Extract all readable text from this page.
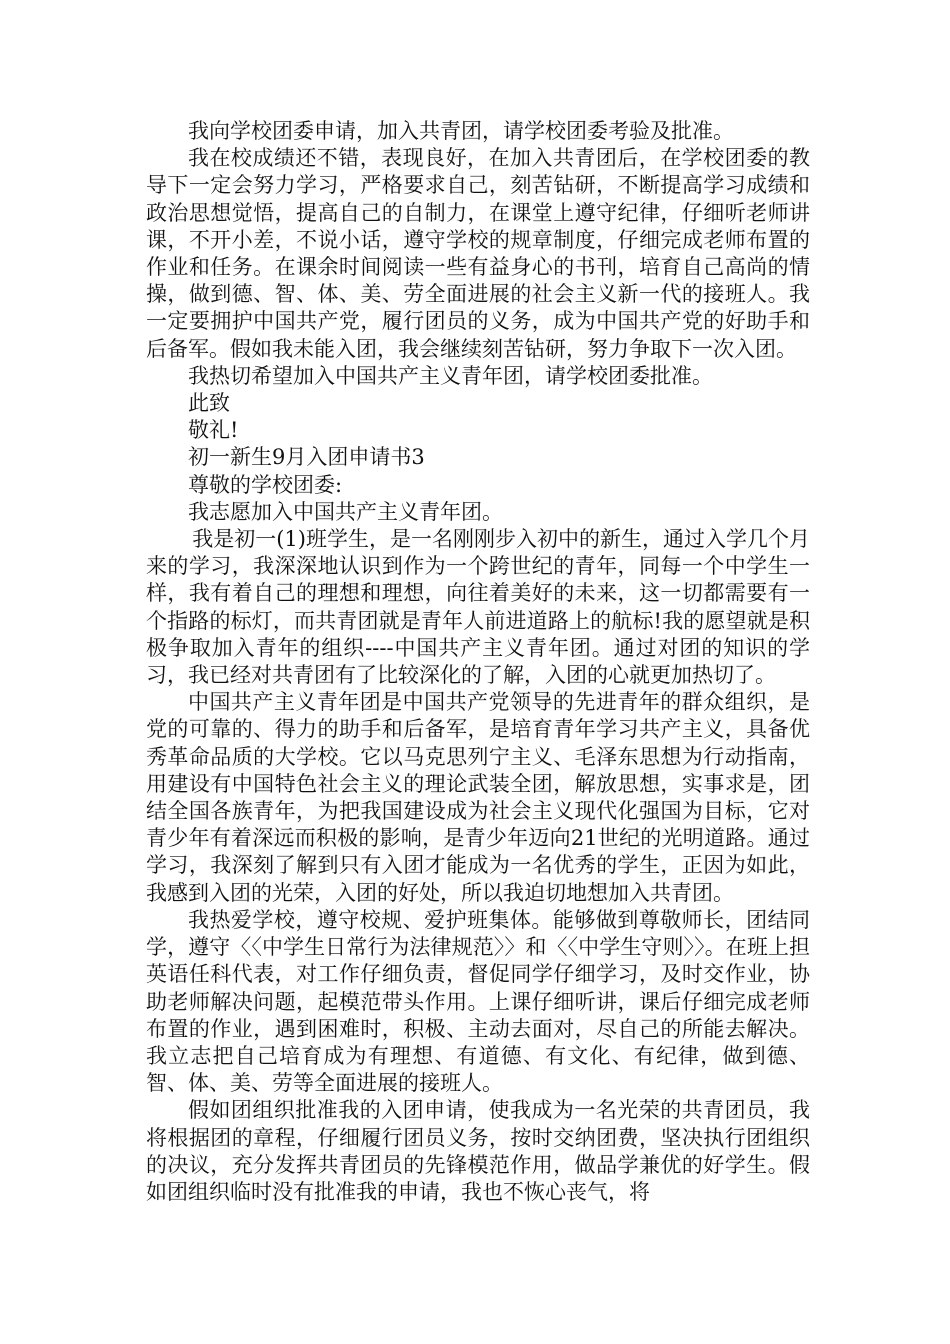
我向学校团委申请，加入共青团，请学校团委考验及批准。

我在校成绩还不错，表现良好，在加入共青团后，在学校团委的教导下一定会努力学习，严格要求自己，刻苦钻研，不断提高学习成绩和政治思想觉悟，提高自己的自制力，在课堂上遵守纪律，仔细听老师讲课，不开小差，不说小话，遵守学校的规章制度，仔细完成老师布置的作业和任务。在课余时间阅读一些有益身心的书刊，培育自己高尚的情操，做到德、智、体、美、劳全面进展的社会主义新一代的接班人。我一定要拥护中国共产党，履行团员的义务，成为中国共产党的好助手和后备军。假如我未能入团，我会继续刻苦钻研，努力争取下一次入团。

我热切希望加入中国共产主义青年团，请学校团委批准。

此致

敬礼!

初一新生9月入团申请书3

尊敬的学校团委:

我志愿加入中国共产主义青年团。

我是初一(1)班学生，是一名刚刚步入初中的新生，通过入学几个月来的学习，我深深地认识到作为一个跨世纪的青年，同每一个中学生一样，我有着自己的理想和理想，向往着美好的未来，这一切都需要有一个指路的标灯，而共青团就是青年人前进道路上的航标!我的愿望就是积极争取加入青年的组织----中国共产主义青年团。通过对团的知识的学习，我已经对共青团有了比较深化的了解，入团的心就更加热切了。

中国共产主义青年团是中国共产党领导的先进青年的群众组织，是党的可靠的、得力的助手和后备军，是培育青年学习共产主义，具备优秀革命品质的大学校。它以马克思列宁主义、毛泽东思想为行动指南，用建设有中国特色社会主义的理论武装全团，解放思想，实事求是，团结全国各族青年，为把我国建设成为社会主义现代化强国为目标，它对青少年有着深远而积极的影响，是青少年迈向21世纪的光明道路。通过学习，我深刻了解到只有入团才能成为一名优秀的学生，正因为如此，我感到入团的光荣，入团的好处，所以我迫切地想加入共青团。

我热爱学校，遵守校规、爱护班集体。能够做到尊敬师长，团结同学，遵守〈〈中学生日常行为法律规范〉〉和〈〈中学生守则〉〉。在班上担英语任科代表，对工作仔细负责，督促同学仔细学习，及时交作业，协助老师解决问题，起模范带头作用。上课仔细听讲，课后仔细完成老师布置的作业，遇到困难时，积极、主动去面对，尽自己的所能去解决。我立志把自己培育成为有理想、有道德、有文化、有纪律，做到德、智、体、美、劳等全面进展的接班人。

假如团组织批准我的入团申请，使我成为一名光荣的共青团员，我将根据团的章程，仔细履行团员义务，按时交纳团费，坚决执行团组织的决议，充分发挥共青团员的先锋模范作用，做品学兼优的好学生。假如团组织临时没有批准我的申请，我也不恢心丧气，将
